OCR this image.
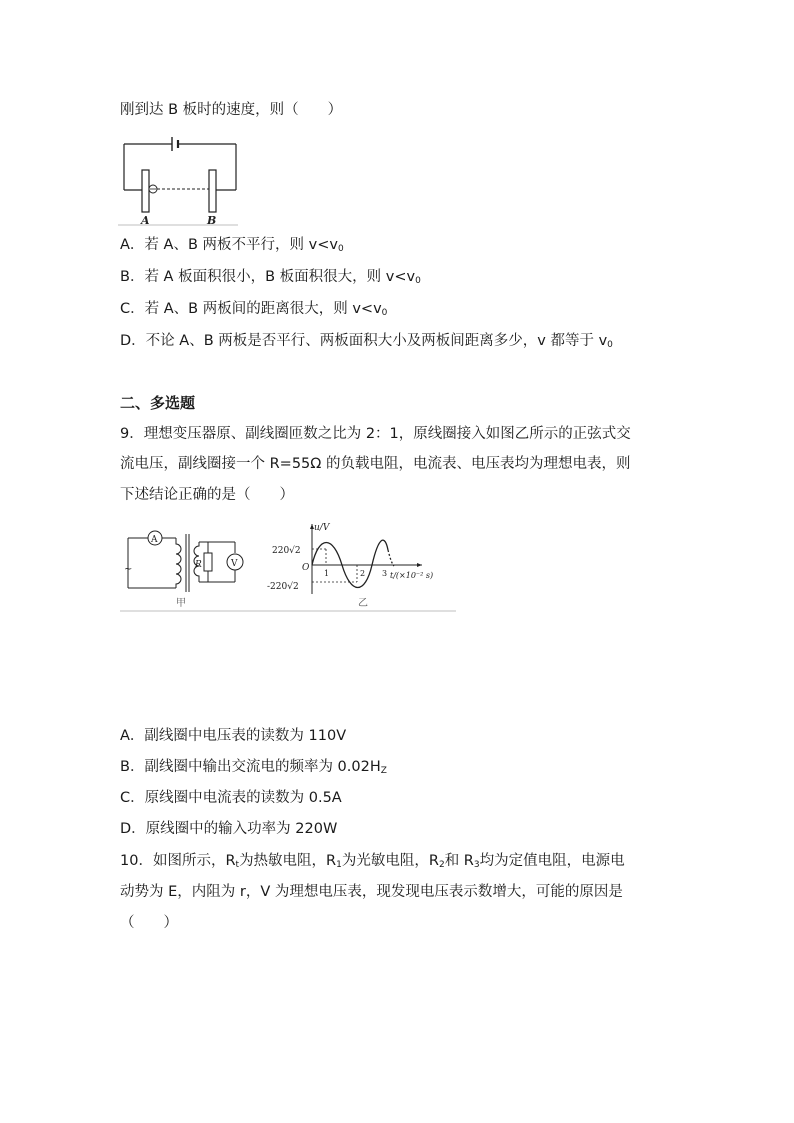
刚到达 B 板时的速度，则（　　）
A	B
A．若 A、B 两板不平行，则 $v<v_0$
B．若 A 板面积很小，B 板面积很大，则 $v<v_0$
C．若 A、B 两板间的距离很大，则 $v<v_0$
D．不论 A、B 两板是否平行、两板面积大小及两板间距离多少，v 都等于 $v_0$
二、多选题
9．理想变压器原、副线圈匝数之比为 2：1，原线圈接入如图乙所示的正弦式交
流电压，副线圈接一个 R=55Ω 的负载电阻，电流表、电压表均为理想电表，则
下述结论正确的是（　　）
A
~	R	V
甲
u/V
220√2
-220√2
O
1	2 3 t/(×10⁻² s)
乙
A．副线圈中电压表的读数为 110V
B．副线圈中输出交流电的频率为 $0.02H_Z$
C．原线圈中电流表的读数为 0.5A
D．原线圈中的输入功率为 220W
10．如图所示，$R_t$为热敏电阻，$R_1$为光敏电阻，$R_2$和 $R_3$均为定值电阻，电源电
动势为 E，内阻为 r，V 为理想电压表，现发现电压表示数增大，可能的原因是
（　　）
